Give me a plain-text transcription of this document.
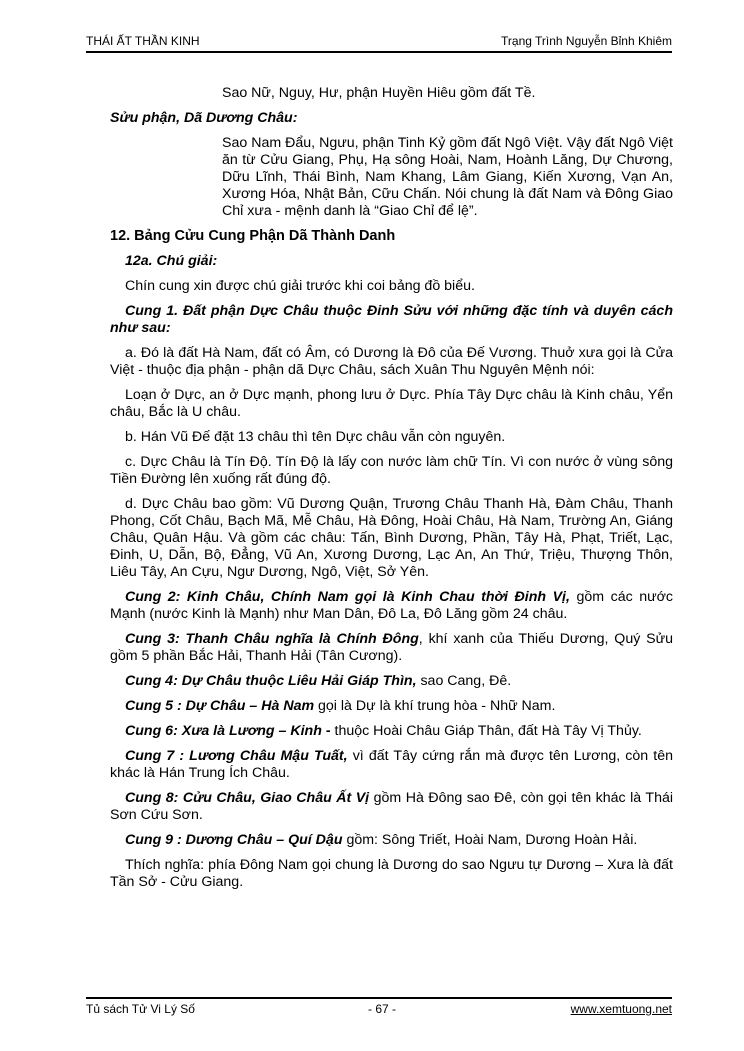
THÁI ẤT THẦN KINH	Trạng Trình Nguyễn Bỉnh Khiêm

Sao Nữ, Nguy, Hư, phận Huyền Hiêu gồm đất Tề.

Sửu phận, Dã Dương Châu:

Sao Nam Đẩu, Ngưu, phận Tinh Kỷ gồm đất Ngô Việt. Vậy đất Ngô Việt ăn từ Cửu Giang, Phụ, Hạ sông Hoài, Nam, Hoành Lăng, Dự Chương, Dữu Lĩnh, Thái Bình, Nam Khang, Lâm Giang, Kiến Xương, Vạn An, Xương Hóa, Nhật Bản, Cữu Chấn. Nói chung là đất Nam và Đông Giao Chỉ xưa - mệnh danh là “Giao Chỉ để lệ”.

12. Bảng Cửu Cung Phận Dã Thành Danh

12a. Chú giải:

Chín cung xin được chú giải trước khi coi bảng đồ biểu.

Cung 1. Đất phận Dực Châu thuộc Đinh Sửu với những đặc tính và duyên cách như sau:

a. Đó là đất Hà Nam, đất có Âm, có Dương là Đô của Đế Vương. Thuở xưa gọi là Cửa Việt - thuộc địa phận - phận dã Dực Châu, sách Xuân Thu Nguyên Mệnh nói:

Loạn ở Dực, an ở Dực mạnh, phong lưu ở Dực. Phía Tây Dực châu là Kinh châu, Yển châu, Bắc là U châu.

b. Hán Vũ Đế đặt 13 châu thì tên Dực châu vẫn còn nguyên.

c. Dực Châu là Tín Độ. Tín Độ là lấy con nước làm chữ Tín. Vì con nước ở vùng sông Tiền Đường lên xuống rất đúng độ.

d. Dực Châu bao gồm: Vũ Dương Quận, Trương Châu Thanh Hà, Đàm Châu, Thanh Phong, Cốt Châu, Bạch Mã, Mễ Châu, Hà Đông, Hoài Châu, Hà Nam, Trường An, Giáng Châu, Quân Hậu. Và gồm các châu: Tấn, Bình Dương, Phần, Tây Hà, Phạt, Triết, Lạc, Đinh, U, Dẫn, Bộ, Đẳng, Vũ An, Xương Dương, Lạc An, An Thứ, Triệu, Thượng Thôn, Liêu Tây, An Cựu, Ngư Dương, Ngô, Việt, Sở Yên.

Cung 2: Kinh Châu, Chính Nam gọi là Kinh Chau thời Đinh Vị, gồm các nước Mạnh (nước Kinh là Mạnh) như Man Dân, Đô La, Đô Lăng gồm 24 châu.

Cung 3: Thanh Châu nghĩa là Chính Đông, khí xanh của Thiếu Dương, Quý Sửu gồm 5 phần Bắc Hải, Thanh Hải (Tân Cương).

Cung 4: Dự Châu thuộc Liêu Hải Giáp Thìn, sao Cang, Đê.

Cung 5 : Dự Châu – Hà Nam gọi là Dự là khí trung hòa - Nhữ Nam.

Cung 6: Xưa là Lương – Kinh - thuộc Hoài Châu Giáp Thân, đất Hà Tây Vị Thủy.

Cung 7 : Lương Châu Mậu Tuất, vì đất Tây cứng rắn mà được tên Lương, còn tên khác là Hán Trung Ích Châu.

Cung 8: Cửu Châu, Giao Châu Ất Vị gồm Hà Đông sao Đê, còn gọi tên khác là Thái Sơn Cứu Sơn.

Cung 9 : Dương Châu – Quí Dậu gồm: Sông Triết, Hoài Nam, Dương Hoàn Hải.

Thích nghĩa: phía Đông Nam gọi chung là Dương do sao Ngưu tự Dương – Xưa là đất Tần Sở - Cửu Giang.

Tủ sách Tử Vi Lý Số	- 67 -	www.xemtuong.net
